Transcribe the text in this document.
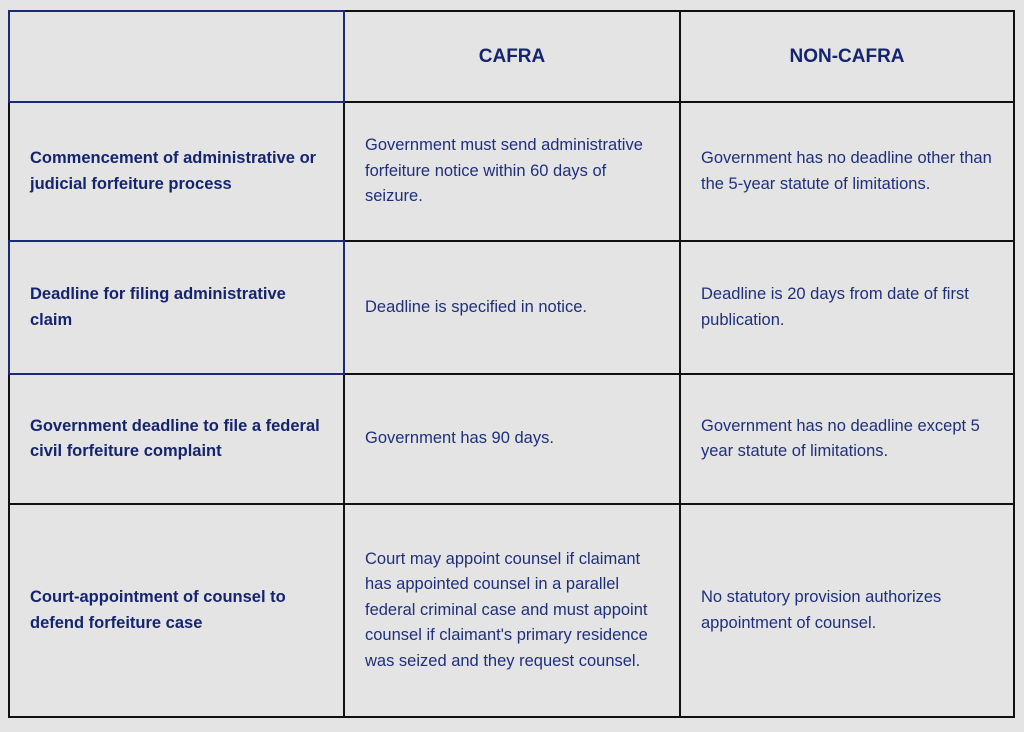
CAFRA	NON-CAFRA
Commencement of administrative or judicial forfeiture process
Government must send administrative forfeiture notice within 60 days of seizure.
Government has no deadline other than the 5-year statute of limitations.
Deadline for filing administrative claim
Deadline is specified in notice.
Deadline is 20 days from date of first publication.
Government deadline to file a federal civil forfeiture complaint
Government has 90 days.
Government has no deadline except 5 year statute of limitations.
Court-appointment of counsel to defend forfeiture case
Court may appoint counsel if claimant has appointed counsel in a parallel federal criminal case and must appoint counsel if claimant's primary residence was seized and they request counsel.
No statutory provision authorizes appointment of counsel.
